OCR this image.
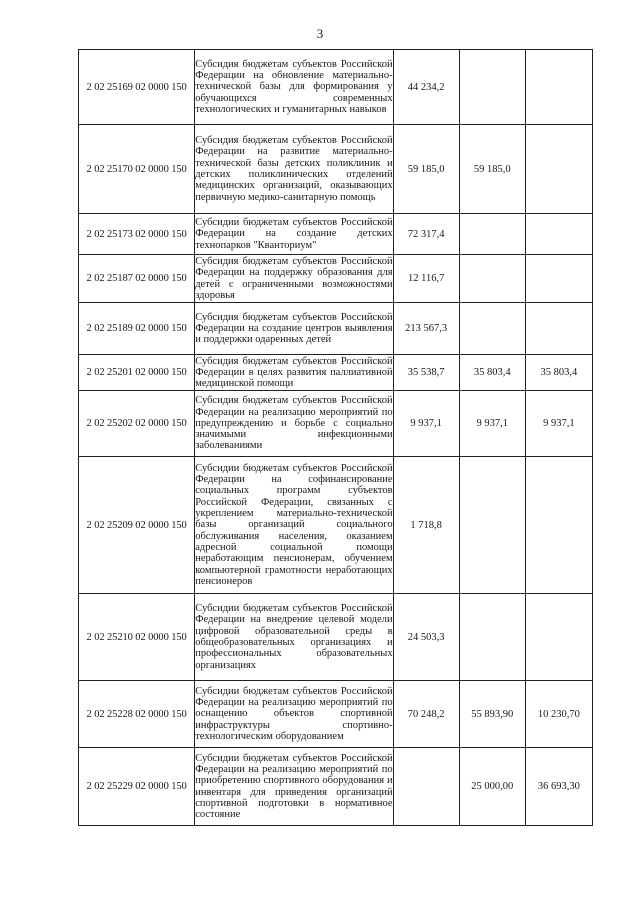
3
2 02 25169 02 0000 150	Субсидия бюджетам субъектов Российской Федерации на обновление материально-технической базы для формирования у обучающихся современных технологических и гуманитарных навыков	44 234,2		
2 02 25170 02 0000 150	Субсидия бюджетам субъектов Российской Федерации на развитие материально-технической базы детских поликлиник и детских поликлинических отделений медицинских организаций, оказывающих первичную медико-санитарную помощь	59 185,0	59 185,0	
2 02 25173 02 0000 150	Субсидии бюджетам субъектов Российской Федерации на создание детских технопарков "Кванториум"	72 317,4		
2 02 25187 02 0000 150	Субсидия бюджетам субъектов Российской Федерации на поддержку образования для детей с ограниченными возможностями здоровья	12 116,7		
2 02 25189 02 0000 150	Субсидия бюджетам субъектов Российской Федерации на создание центров выявления и поддержки одаренных детей	213 567,3		
2 02 25201 02 0000 150	Субсидия бюджетам субъектов Российской Федерации в целях развития паллиативной медицинской помощи	35 538,7	35 803,4	35 803,4
2 02 25202 02 0000 150	Субсидия бюджетам субъектов Российской Федерации на реализацию мероприятий по предупреждению и борьбе с социально значимыми инфекционными заболеваниями	9 937,1	9 937,1	9 937,1
2 02 25209 02 0000 150	Субсидии бюджетам субъектов Российской Федерации на софинансирование социальных программ субъектов Российской Федерации, связанных с укреплением материально-технической базы организаций социального обслуживания населения, оказанием адресной социальной помощи неработающим пенсионерам, обучением компьютерной грамотности неработающих пенсионеров	1 718,8		
2 02 25210 02 0000 150	Субсидии бюджетам субъектов Российской Федерации на внедрение целевой модели цифровой образовательной среды в общеобразовательных организациях и профессиональных образовательных организациях	24 503,3		
2 02 25228 02 0000 150	Субсидии бюджетам субъектов Российской Федерации на реализацию мероприятий по оснащению объектов спортивной инфраструктуры спортивно-технологическим оборудованием	70 248,2	55 893,90	10 230,70
2 02 25229 02 0000 150	Субсидии бюджетам субъектов Российской Федерации на реализацию мероприятий по приобретению спортивного оборудования и инвентаря для приведения организаций спортивной подготовки в нормативное состояние		25 000,00	36 693,30
